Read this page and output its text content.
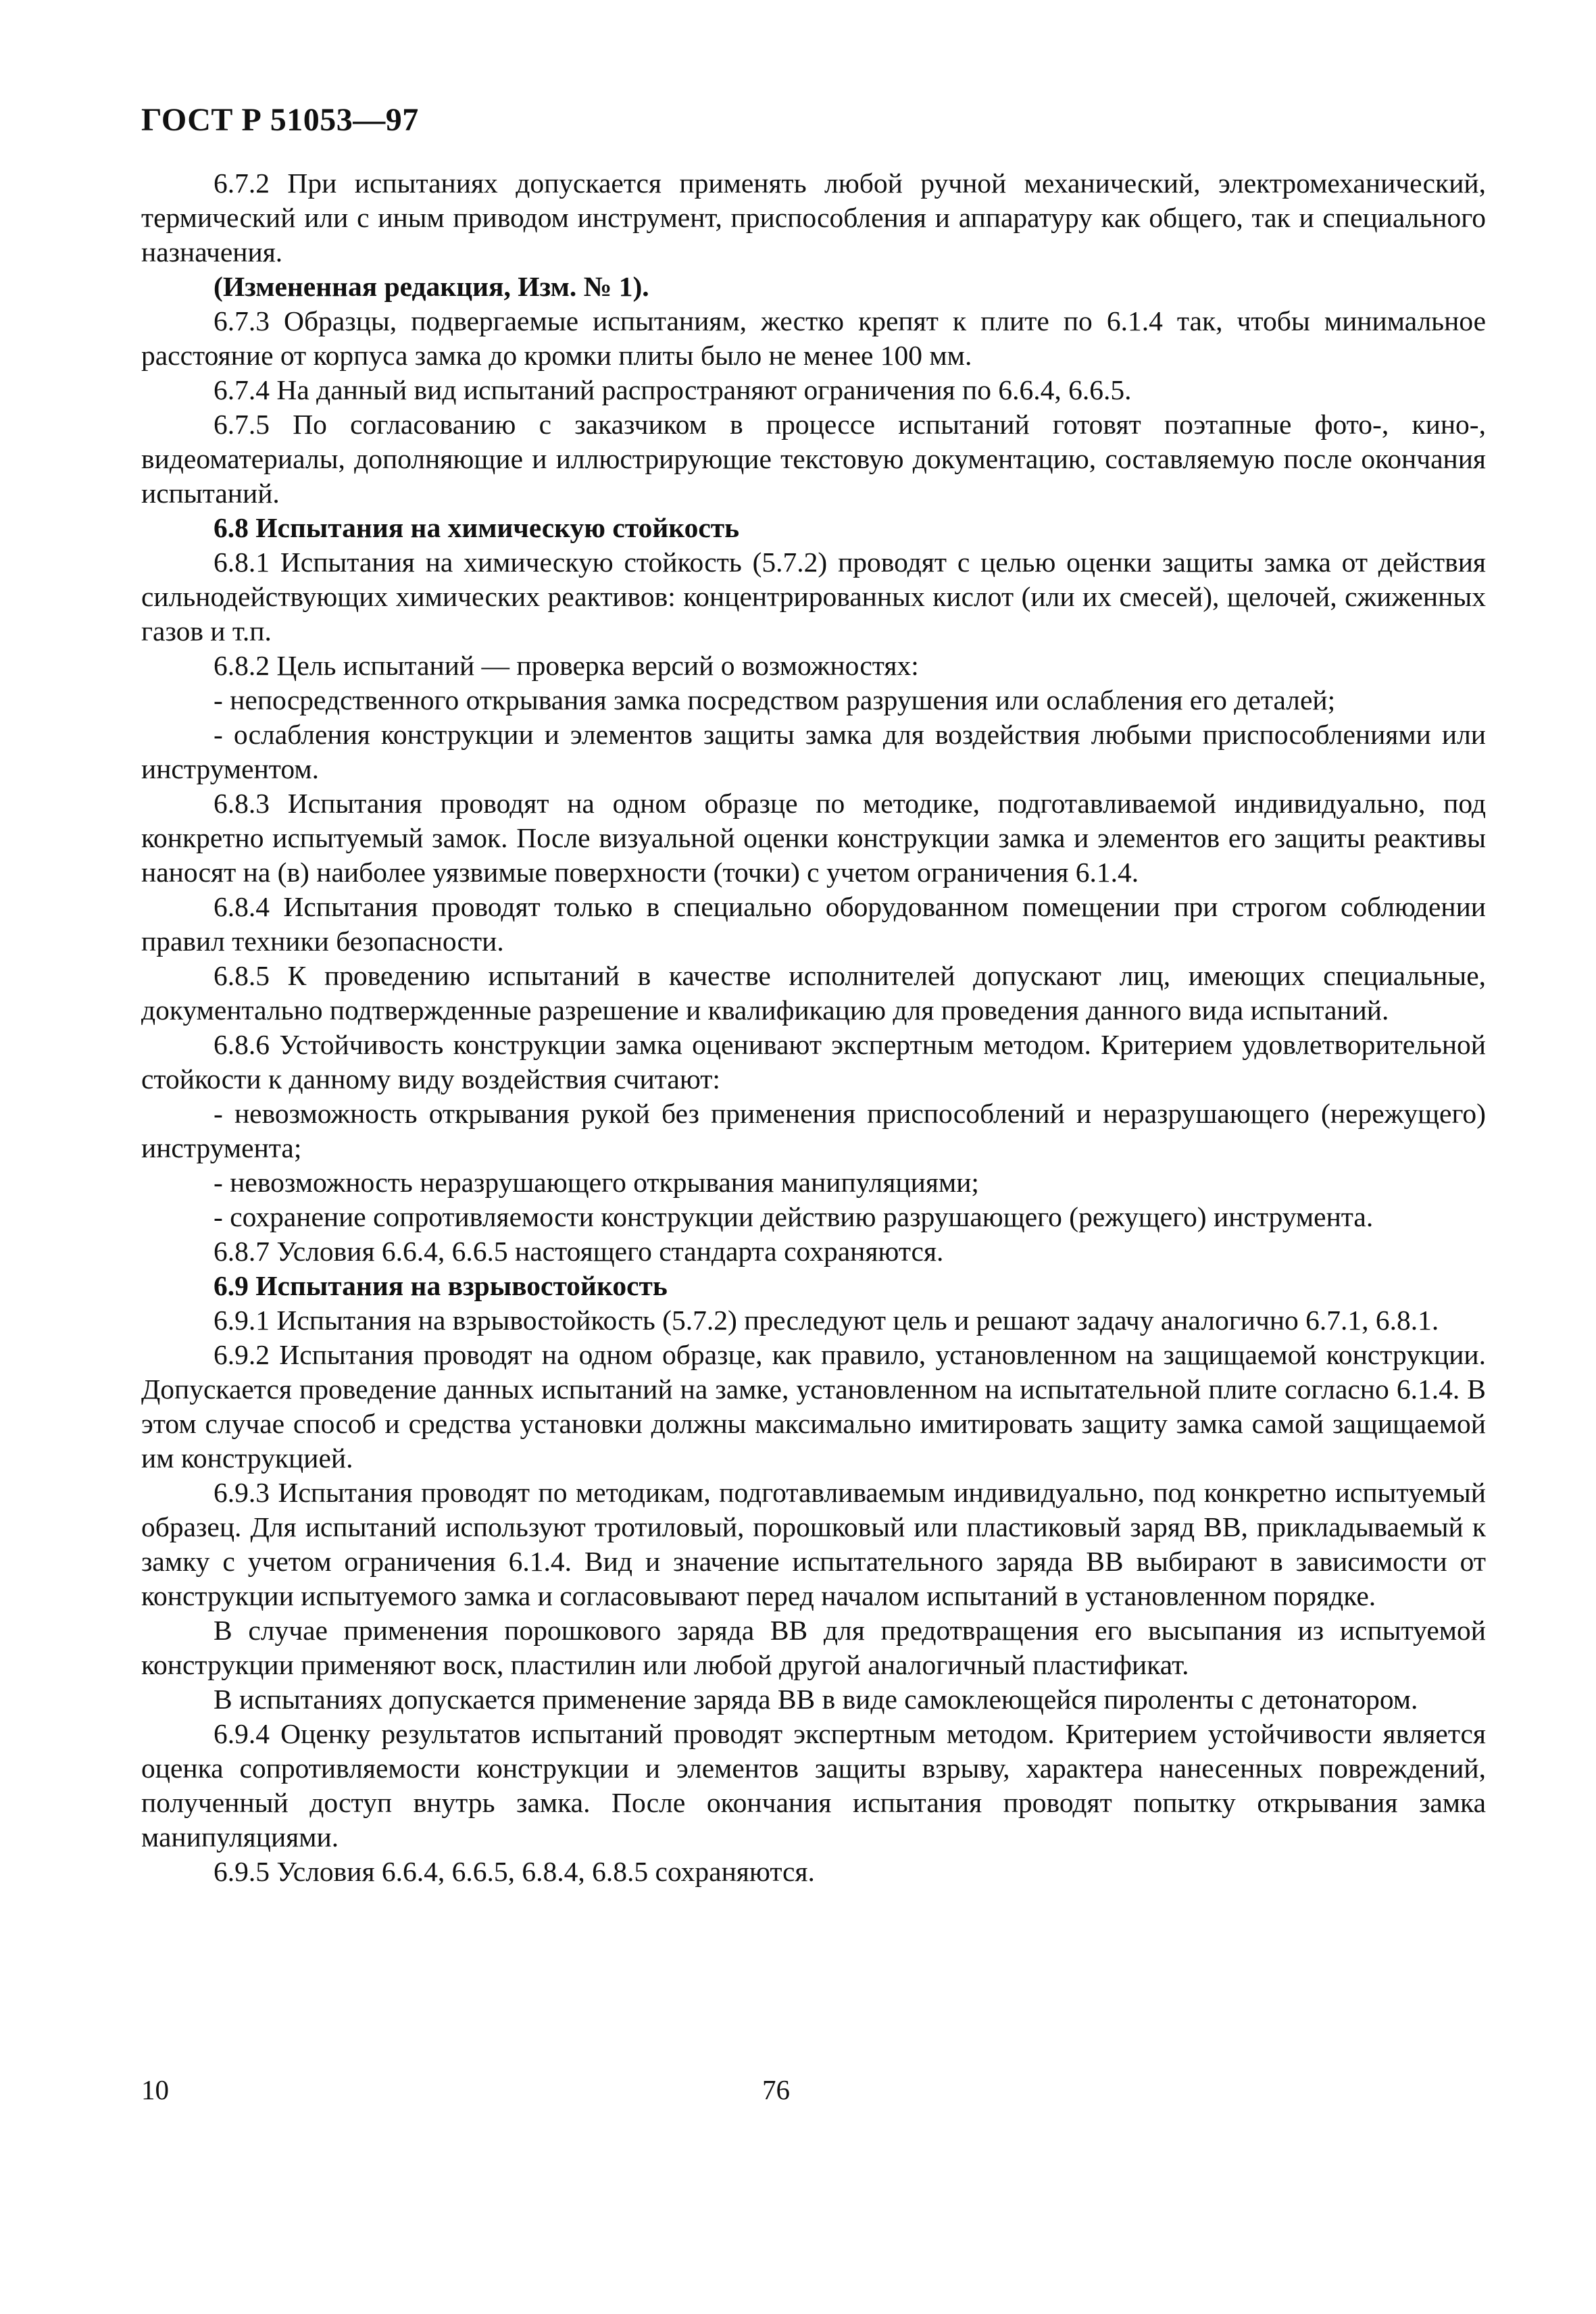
ГОСТ Р 51053—97

6.7.2 При испытаниях допускается применять любой ручной механический, электромеханический, термический или с иным приводом инструмент, приспособления и аппаратуру как общего, так и специального назначения.

(Измененная редакция, Изм. № 1).

6.7.3 Образцы, подвергаемые испытаниям, жестко крепят к плите по 6.1.4 так, чтобы минимальное расстояние от корпуса замка до кромки плиты было не менее 100 мм.

6.7.4 На данный вид испытаний распространяют ограничения по 6.6.4, 6.6.5.

6.7.5 По согласованию с заказчиком в процессе испытаний готовят поэтапные фото-, кино-, видеоматериалы, дополняющие и иллюстрирующие текстовую документацию, составляемую после окончания испытаний.

6.8 Испытания на химическую стойкость

6.8.1 Испытания на химическую стойкость (5.7.2) проводят с целью оценки защиты замка от действия сильнодействующих химических реактивов: концентрированных кислот (или их смесей), щелочей, сжиженных газов и т.п.

6.8.2 Цель испытаний — проверка версий о возможностях:

- непосредственного открывания замка посредством разрушения или ослабления его деталей;

- ослабления конструкции и элементов защиты замка для воздействия любыми приспособлениями или инструментом.

6.8.3 Испытания проводят на одном образце по методике, подготавливаемой индивидуально, под конкретно испытуемый замок. После визуальной оценки конструкции замка и элементов его защиты реактивы наносят на (в) наиболее уязвимые поверхности (точки) с учетом ограничения 6.1.4.

6.8.4 Испытания проводят только в специально оборудованном помещении при строгом соблюдении правил техники безопасности.

6.8.5 К проведению испытаний в качестве исполнителей допускают лиц, имеющих специальные, документально подтвержденные разрешение и квалификацию для проведения данного вида испытаний.

6.8.6 Устойчивость конструкции замка оценивают экспертным методом. Критерием удовлетворительной стойкости к данному виду воздействия считают:

- невозможность открывания рукой без применения приспособлений и неразрушающего (нережущего) инструмента;

- невозможность неразрушающего открывания манипуляциями;

- сохранение сопротивляемости конструкции действию разрушающего (режущего) инструмента.

6.8.7 Условия 6.6.4, 6.6.5 настоящего стандарта сохраняются.

6.9 Испытания на взрывостойкость

6.9.1 Испытания на взрывостойкость (5.7.2) преследуют цель и решают задачу аналогично 6.7.1, 6.8.1.

6.9.2 Испытания проводят на одном образце, как правило, установленном на защищаемой конструкции. Допускается проведение данных испытаний на замке, установленном на испытательной плите согласно 6.1.4. В этом случае способ и средства установки должны максимально имитировать защиту замка самой защищаемой им конструкцией.

6.9.3 Испытания проводят по методикам, подготавливаемым индивидуально, под конкретно испытуемый образец. Для испытаний используют тротиловый, порошковый или пластиковый заряд ВВ, прикладываемый к замку с учетом ограничения 6.1.4. Вид и значение испытательного заряда ВВ выбирают в зависимости от конструкции испытуемого замка и согласовывают перед началом испытаний в установленном порядке.

В случае применения порошкового заряда ВВ для предотвращения его высыпания из испытуемой конструкции применяют воск, пластилин или любой другой аналогичный пластификат.

В испытаниях допускается применение заряда ВВ в виде самоклеющейся пироленты с детонатором.

6.9.4 Оценку результатов испытаний проводят экспертным методом. Критерием устойчивости является оценка сопротивляемости конструкции и элементов защиты взрыву, характера нанесенных повреждений, полученный доступ внутрь замка. После окончания испытания проводят попытку открывания замка манипуляциями.

6.9.5 Условия 6.6.4, 6.6.5, 6.8.4, 6.8.5 сохраняются.

10	76
